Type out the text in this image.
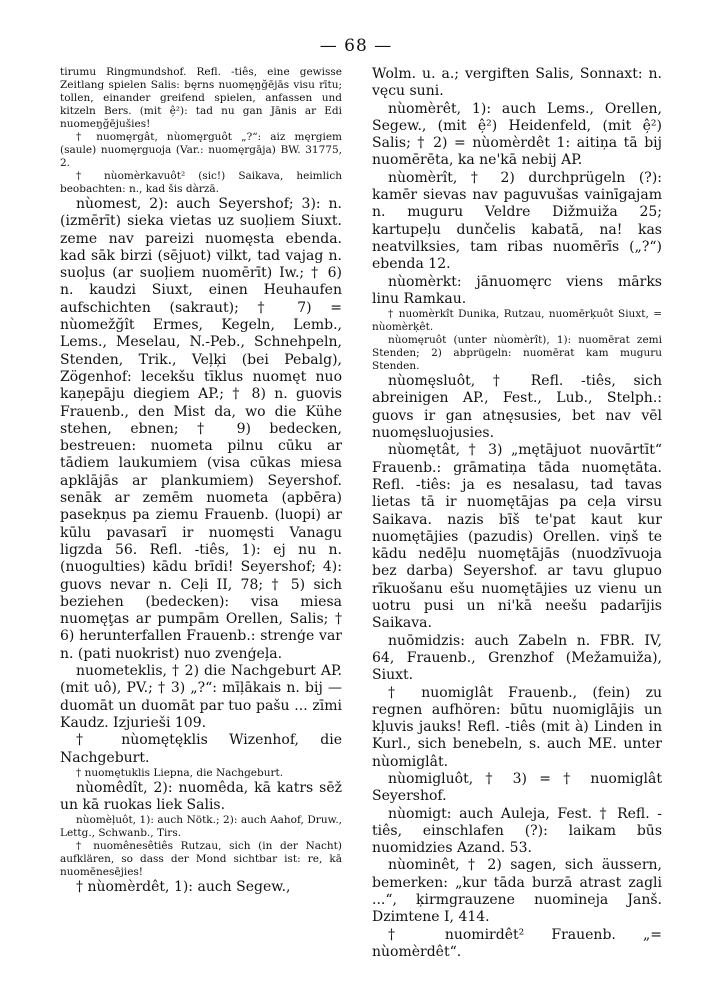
— 68 —

tirumu Ringmundshof. Refl. -tiês, eine gewisse Zeitlang spielen Salis: bęrns nuomęŋğējās visu rītu; tollen, einander greifend spielen, anfassen und kitzeln Bers. (mit ê̦²): tad nu gan Jānis ar Edi nuomeŋğējušies!

† nuomęrgât, nùomęrguôt „?“: aiz męrgiem (saule) nuomęrguoja (Var.: nuomęrgāja) BW. 31775, 2.

† nùomèrkavuôt² (sic!) Saikava, heimlich beobachten: n., kad šis dàrzā.

nùomest, 2): auch Seyershof; 3): n. (izmērīt) sieka vietas uz suoļiem Siuxt. zeme nav pareizi nuomęsta ebenda. kad sāk birzi (sējuot) vilkt, tad vajag n. suoļus (ar suoļiem nuomērīt) Iw.; † 6) n. kaudzi Siuxt, einen Heuhaufen aufschichten (sakraut); † 7) = nùomežğît Ermes, Kegeln, Lemb., Lems., Meselau, N.-Peb., Schnehpeln, Stenden, Trik., Veļķi (bei Pebalg), Zögenhof: lecekšu tīklus nuomęt nuo kaņepāju diegiem AP.; † 8) n. guovis Frauenb., den Mist da, wo die Kühe stehen, ebnen; † 9) bedecken, bestreuen: nuometa pilnu cūku ar tādiem laukumiem (visa cūkas miesa apklājās ar plankumiem) Seyershof. senāk ar zemēm nuometa (apbēra) pasekņus pa ziemu Frauenb. (luopi) ar kūlu pavasarī ir nuomęsti Vanagu ligzda 56. Refl. -tiês, 1): ej nu n. (nuogulties) kādu brīdi! Seyershof; 4): guovs nevar n. Ceļi II, 78; † 5) sich beziehen (bedecken): visa miesa nuomęţas ar pumpām Orellen, Salis; † 6) herunterfallen Frauenb.: strenģe var n. (pati nuokrist) nuo zvenģeļa.

nuometeklis, † 2) die Nachgeburt AP. (mit uô), PV.; † 3) „?“: mīļākais n. bij — duomāt un duomāt par tuo pašu ... zīmi Kaudz. Izjurieši 109.

† nùomętęklis Wizenhof, die Nachgeburt.

† nuomętuklis Liepna, die Nachgeburt.

nùomêdît, 2): nuomêda, kā katrs sēž un kā ruokas liek Salis.

nùomèļuôt, 1): auch Nötk.; 2): auch Aahof, Druw., Lettg., Schwanb., Tirs.

† nuomênesêtiês Rutzau, sich (in der Nacht) aufklären, so dass der Mond sichtbar ist: re, kā nuomēnesējies!

† nùomèrdêt, 1): auch Segew.,

Wolm. u. a.; vergiften Salis, Sonnaxt: n. vęcu suni.

nùomèrêt, 1): auch Lems., Orellen, Segew., (mit ê̦²) Heidenfeld, (mit ê̦²) Salis; † 2) = nùomèrdêt 1: aitiņa tā bij nuomērēta, ka ne'kā nebij AP.

nùomèrît, † 2) durchprügeln (?): kamēr sievas nav paguvušas vainīgajam n. muguru Veldre Dižmuiža 25; kartupeļu dunčelis kabatā, na! kas neatvilksies, tam ribas nuomērīs („?“) ebenda 12.

nùomèrkt: jānuomęrc viens mārks linu Ramkau.

† nuomèrkît Dunika, Rutzau, nuomērķuôt Siuxt, = nùomèrķêt.

nùomęruôt (unter nùomèrît), 1): nuomērat zemi Stenden; 2) abprügeln: nuomērat kam muguru Stenden.

nùomęsluôt, † Refl. -tiês, sich abreinigen AP., Fest., Lub., Stelph.: guovs ir gan atnęsusies, bet nav vēl nuomęsluojusies.

nùomętât, † 3) „mętājuot nuovārtīt“ Frauenb.: grāmatiņa tāda nuomętāta. Refl. -tiês: ja es nesalasu, tad tavas lietas tā ir nuomętājas pa ceļa virsu Saikava. nazis bīš te'pat kaut kur nuomętājies (pazudis) Orellen. viņš te kādu nedēļu nuomętājās (nuodzīvuoja bez darba) Seyershof. ar tavu glupuo rīkuošanu ešu nuomętājies uz vienu un uotru pusi un ni'kā neešu padarījis Saikava.

nuōmidzis: auch Zabeln n. FBR. IV, 64, Frauenb., Grenzhof (Mežamuiža), Siuxt.

† nuomiglât Frauenb., (fein) zu regnen aufhören: būtu nuomiglājis un kļuvis jauks! Refl. -tiês (mit à) Linden in Kurl., sich benebeln, s. auch ME. unter nùomiglât.

nùomigluôt, † 3) = † nuomiglât Seyershof.

nùomigt: auch Auleja, Fest. † Refl. -tiês, einschlafen (?): laikam būs nuomidzies Azand. 53.

nùominêt, † 2) sagen, sich äussern, bemerken: „kur tāda burzā atrast zagli ...“, ķirmgrauzene nuomineja Janš. Dzimtene I, 414.

† nuomirdêt² Frauenb. „= nùomèrdêt“.
